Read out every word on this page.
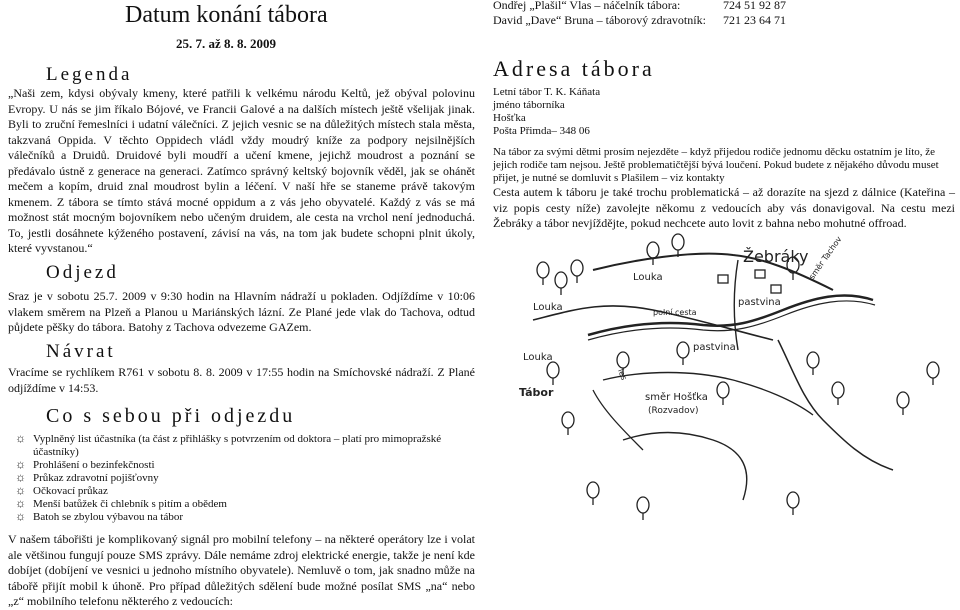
Datum konání tábora
25. 7. až 8. 8. 2009
Ondřej „Plašil“ Vlas – náčelník tábora:	724 51 92 87
David „Dave“ Bruna – táborový zdravotník: 721 23 64 71
Legenda
„Naši zem, kdysi obývaly kmeny, které patřili k velkému národu Keltů, jež obýval polovinu Evropy. U nás se jim říkalo Bójové, ve Francii Galové a na dalších místech ještě všelijak jinak. Byli to zruční řemeslníci i udatní válečníci. Z jejich vesnic se na důležitých místech stala města, takzvaná Oppida. V těchto Oppidech vládl vždy moudrý kníže za podpory nejsilnějších válečníků a Druidů. Druidové byli moudří a učení kmene, jejichž moudrost a poznání se předávalo ústně z generace na generaci. Zatímco správný keltský bojovník věděl, jak se ohánět mečem a kopím, druid znal moudrost bylin a léčení. V naší hře se staneme právě takovým kmenem. Z tábora se tímto stává mocné oppidum a z vás jeho obyvatelé. Každý z vás se má možnost stát mocným bojovníkem nebo učeným druidem, ale cesta na vrchol není jednoduchá. To, jestli dosáhnete kýženého postavení, závisí na vás, na tom jak budete schopni plnit úkoly, které vyvstanou.“
Odjezd
Sraz je v sobotu 25.7. 2009 v 9:30 hodin na Hlavním nádraží u pokladen. Odjíždíme v 10:06 vlakem směrem na Plzeň a Planou u Mariánských lázní. Ze Plané jede vlak do Tachova, odtud půjdete pěšky do tábora. Batohy z Tachova odvezeme GAZem.
Návrat
Vracíme se rychlíkem R761 v sobotu 8. 8. 2009 v 17:55 hodin na Smíchovské nádraží. Z Plané odjíždíme v 14:53.
Co s sebou při odjezdu
☼ Vyplněný list účastníka (ta část z přihlášky s potvrzením od doktora – platí pro mimopražské účastníky)
☼ Prohlášení o bezinfekčnosti
☼ Průkaz zdravotní pojišťovny
☼ Očkovací průkaz
☼ Menší batůžek či chlebník s pitím a obědem
☼ Batoh se zbylou výbavou na tábor
V našem tábořišti je komplikovaný signál pro mobilní telefony – na některé operátory lze i volat ale většinou fungují pouze SMS zprávy. Dále nemáme zdroj elektrické energie, takže je není kde dobíjet (dobíjení ve vesnici u jednoho místního obyvatele). Nemluvě o tom, jak snadno může na tábořě přijít mobil k úhoně. Pro případ důležitých sdělení bude možné posílat SMS „na“ nebo „z“ mobilního telefonu některého z vedoucích:
Adresa tábora
Letní tábor T. K. Káňata
jméno táborníka
Hošťka
Pošta Přimda– 348 06
Na tábor za svými dětmi prosím nejezděte – když přijedou rodiče jednomu děcku ostatním je líto, že jejich rodiče tam nejsou. Ještě problematičtější bývá loučení. Pokud budete z nějakého důvodu muset přijet, je nutné se domluvit s Plašilem – viz kontakty
Cesta autem k táboru je také trochu problematická – až dorazíte na sjezd z dálnice (Kateřina – viz popis cesty níže) zavolejte někomu z vedoucích aby vás donavigoval. Na cestu mezi Žebráky a tábor nevjíždějte, pokud nechcete auto lovit z bahna nebo mohutné offroad.
Žebráky
Louka
Louka
Louka
pastvina
pastvina
Tábor	směr Hošťka
(Rozvadov)
polní cesta
směr Tachov
les
